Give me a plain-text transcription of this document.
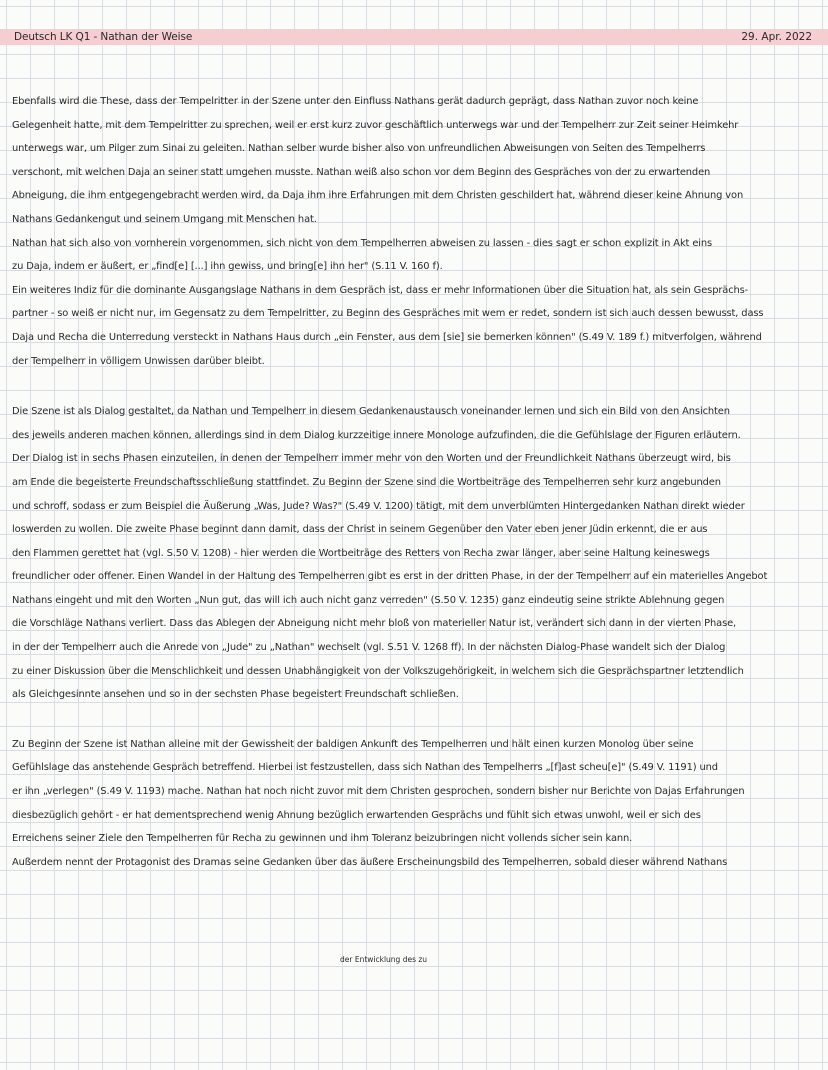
Deutsch LK Q1 - Nathan der Weise	29. Apr. 2022
Ebenfalls wird die These, dass der Tempelritter in der Szene unter den Einfluss Nathans gerät dadurch geprägt, dass Nathan zuvor noch keine
Gelegenheit hatte, mit dem Tempelritter zu sprechen, weil er erst kurz zuvor geschäftlich unterwegs war und der Tempelherr zur Zeit seiner Heimkehr
unterwegs war, um Pilger zum Sinai zu geleiten. Nathan selber wurde bisher also von unfreundlichen Abweisungen von Seiten des Tempelherrs
verschont, mit welchen Daja an seiner statt umgehen musste. Nathan weiß also schon vor dem Beginn des Gespräches von der zu erwartenden
Abneigung, die ihm entgegengebracht werden wird, da Daja ihm ihre Erfahrungen mit dem Christen geschildert hat, während dieser keine Ahnung von
Nathans Gedankengut und seinem Umgang mit Menschen hat.
Nathan hat sich also von vornherein vorgenommen, sich nicht von dem Tempelherren abweisen zu lassen - dies sagt er schon explizit in Akt eins
zu Daja, indem er äußert, er „find[e] [...] ihn gewiss, und bring[e] ihn her" (S.11 V. 160 f).
Ein weiteres Indiz für die dominante Ausgangslage Nathans in dem Gespräch ist, dass er mehr Informationen über die Situation hat, als sein Gesprächs-
partner - so weiß er nicht nur, im Gegensatz zu dem Tempelritter, zu Beginn des Gespräches mit wem er redet, sondern ist sich auch dessen bewusst, dass
Daja und Recha die Unterredung versteckt in Nathans Haus durch „ein Fenster, aus dem [sie] sie bemerken können" (S.49 V. 189 f.) mitverfolgen, während
der Tempelherr in völligem Unwissen darüber bleibt.
Die Szene ist als Dialog gestaltet, da Nathan und Tempelherr in diesem Gedankenaustausch voneinander lernen und sich ein Bild von den Ansichten
des jeweils anderen machen können, allerdings sind in dem Dialog kurzzeitige innere Monologe aufzufinden, die die Gefühlslage der Figuren erläutern.
Der Dialog ist in sechs Phasen einzuteilen, in denen der Tempelherr immer mehr von den Worten und der Freundlichkeit Nathans überzeugt wird, bis
am Ende die begeisterte Freundschaftsschließung stattfindet. Zu Beginn der Szene sind die Wortbeiträge des Tempelherren sehr kurz angebunden
und schroff, sodass er zum Beispiel die Äußerung „Was, Jude? Was?" (S.49 V. 1200) tätigt, mit dem unverblümten Hintergedanken Nathan direkt wieder
loswerden zu wollen. Die zweite Phase beginnt dann damit, dass der Christ in seinem Gegenüber den Vater eben jener Jüdin erkennt, die er aus
den Flammen gerettet hat (vgl. S.50 V. 1208) - hier werden die Wortbeiträge des Retters von Recha zwar länger, aber seine Haltung keineswegs
freundlicher oder offener. Einen Wandel in der Haltung des Tempelherren gibt es erst in der dritten Phase, in der der Tempelherr auf ein materielles Angebot
Nathans eingeht und mit den Worten „Nun gut, das will ich auch nicht ganz verreden" (S.50 V. 1235) ganz eindeutig seine strikte Ablehnung gegen
die Vorschläge Nathans verliert. Dass das Ablegen der Abneigung nicht mehr bloß von materieller Natur ist, verändert sich dann in der vierten Phase,
in der der Tempelherr auch die Anrede von „Jude" zu „Nathan" wechselt (vgl. S.51 V. 1268 ff). In der nächsten Dialog-Phase wandelt sich der Dialog
zu einer Diskussion über die Menschlichkeit und dessen Unabhängigkeit von der Volkszugehörigkeit, in welchem sich die Gesprächspartner letztendlich
als Gleichgesinnte ansehen und so in der sechsten Phase begeistert Freundschaft schließen.
Zu Beginn der Szene ist Nathan alleine mit der Gewissheit der baldigen Ankunft des Tempelherren und hält einen kurzen Monolog über seine
Gefühlslage das anstehende Gespräch betreffend. Hierbei ist festzustellen, dass sich Nathan des Tempelherrs „[f]ast scheu[e]" (S.49 V. 1191) und
er ihn „verlegen" (S.49 V. 1193) mache. Nathan hat noch nicht zuvor mit dem Christen gesprochen, sondern bisher nur Berichte von Dajas Erfahrungen
diesbezüglich gehört - er hat dementsprechend wenig Ahnung bezüglich erwartenden Gesprächs und fühlt sich etwas unwohl, weil er sich des
Erreichens seiner Ziele den Tempelherren für Recha zu gewinnen und ihm Toleranz beizubringen nicht vollends sicher sein kann.
Außerdem nennt der Protagonist des Dramas seine Gedanken über das äußere Erscheinungsbild des Tempelherren, sobald dieser während Nathans
der Entwicklung des zu
